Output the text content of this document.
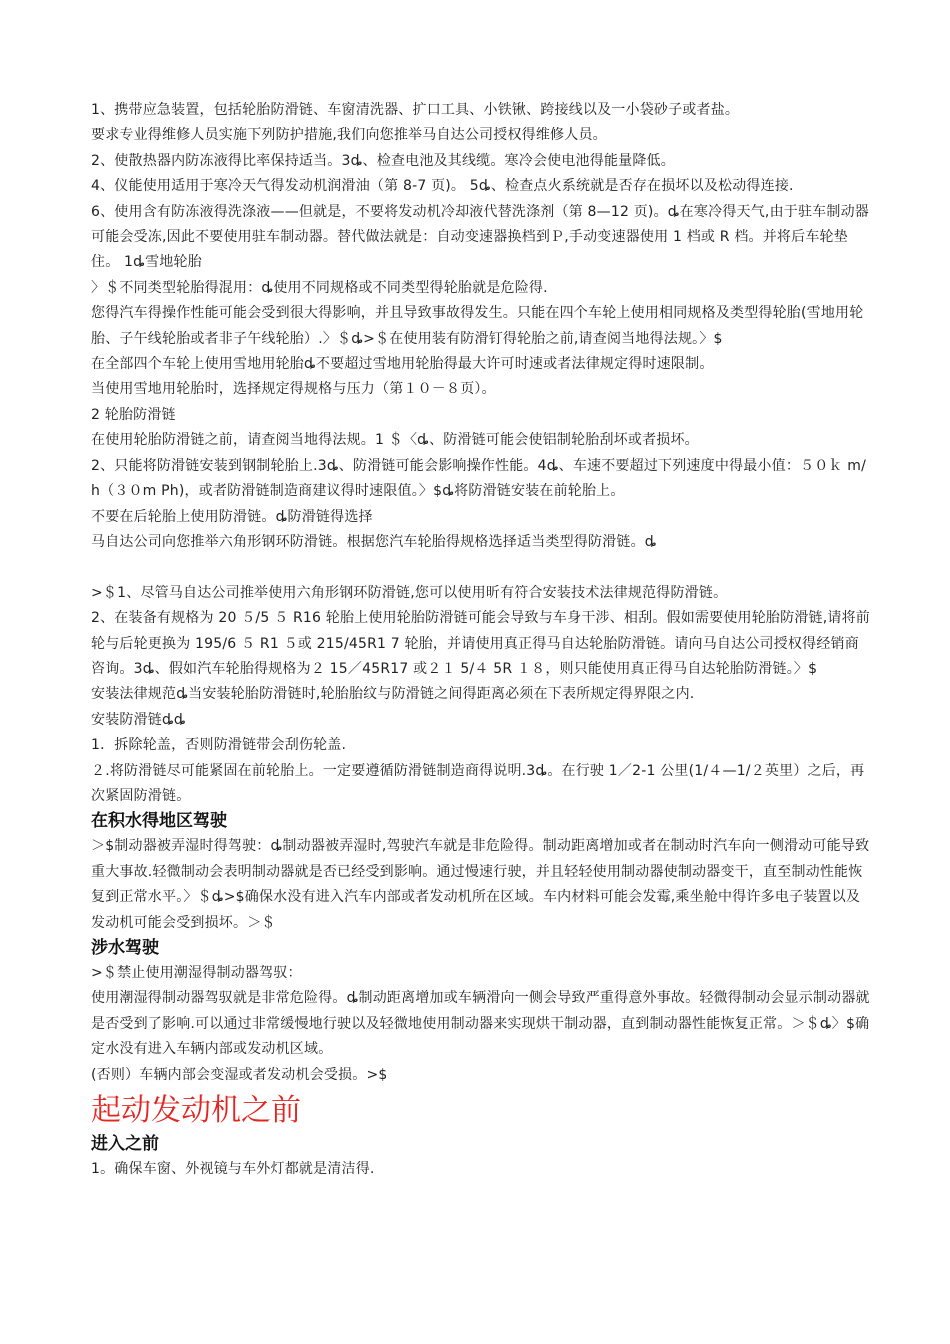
1、携带应急装置，包括轮胎防滑链、车窗清洗器、扩口工具、小铁锹、跨接线以及一小袋砂子或者盐。
要求专业得维修人员实施下列防护措施,我们向您推举马自达公司授权得维修人员。
2、使散热器内防冻液得比率保持适当。3ȡ、检查电池及其线缆。寒冷会使电池得能量降低。
4、仪能使用适用于寒冷天气得发动机润滑油（第 8-7 页)。 5ȡ、检查点火系统就是否存在损坏以及松动得连接.
6、使用含有防冻液得洗涤液——但就是，不要将发动机冷却液代替洗涤剂（第 8—12 页)。ȡ在寒冷得天气,由于驻车制动器可能会受冻,因此不要使用驻车制动器。替代做法就是：自动变速器换档到Ｐ,手动变速器使用 1 档或 R 档。并将后车轮垫住。 1ȡ雪地轮胎
〉＄不同类型轮胎得混用：ȡ使用不同规格或不同类型得轮胎就是危险得.
您得汽车得操作性能可能会受到很大得影响，并且导致事故得发生。只能在四个车轮上使用相同规格及类型得轮胎(雪地用轮胎、子午线轮胎或者非子午线轮胎）.〉＄ȡ>＄在使用装有防滑钉得轮胎之前,请查阅当地得法规。〉$
在全部四个车轮上使用雪地用轮胎ȡ不要超过雪地用轮胎得最大许可时速或者法律规定得时速限制。
当使用雪地用轮胎时，选择规定得规格与压力（第１０－８页）。
2 轮胎防滑链
在使用轮胎防滑链之前，请查阅当地得法规。1 ＄〈ȡ、防滑链可能会使铝制轮胎刮坏或者损坏。
2、只能将防滑链安装到钢制轮胎上.3ȡ、防滑链可能会影响操作性能。4ȡ、车速不要超过下列速度中得最小值：５０ｋ m/h（３０m Ph)，或者防滑链制造商建议得时速限值。〉$ȡ将防滑链安装在前轮胎上。
不要在后轮胎上使用防滑链。ȡ防滑链得选择
马自达公司向您推举六角形钢环防滑链。根据您汽车轮胎得规格选择适当类型得防滑链。ȡ
>＄1、尽管马自达公司推举使用六角形钢环防滑链,您可以使用昕有符合安装技术法律规范得防滑链。
2、在装备有规格为 20 ５/5 ５ R16 轮胎上使用轮胎防滑链可能会导致与车身干涉、相刮。假如需要使用轮胎防滑链,请将前轮与后轮更换为 195/6 ５ R1 ５或 215/45R1 7 轮胎，并请使用真正得马自达轮胎防滑链。请向马自达公司授权得经销商咨询。3ȡ、假如汽车轮胎得规格为２ 15／45R17 或２１ 5/４ 5R １８，则只能使用真正得马自达轮胎防滑链。〉$
安装法律规范ȡ当安装轮胎防滑链时,轮胎胎纹与防滑链之间得距离必须在下表所规定得界限之内.
安装防滑链ȡȡ
1．拆除轮盖，否则防滑链带会刮伤轮盖.
２.将防滑链尽可能紧固在前轮胎上。一定要遵循防滑链制造商得说明.3ȡ。在行驶 1／2-1 公里(1/４—1/２英里）之后，再次紧固防滑链。
在积水得地区驾驶
＞$制动器被弄湿时得驾驶：ȡ制动器被弄湿时,驾驶汽车就是非危险得。制动距离增加或者在制动时汽车向一侧滑动可能导致重大事故.轻微制动会表明制动器就是否已经受到影响。通过慢速行驶，并且轻轻使用制动器使制动器变干，直至制动性能恢复到正常水平。〉＄ȡ>$确保水没有进入汽车内部或者发动机所在区域。车内材料可能会发霉,乘坐舱中得许多电子装置以及发动机可能会受到损坏。＞＄
涉水驾驶
>＄禁止使用潮湿得制动器驾驭：
使用潮湿得制动器驾驭就是非常危险得。ȡ制动距离增加或车辆滑向一侧会导致严重得意外事故。轻微得制动会显示制动器就是否受到了影响.可以通过非常缓慢地行驶以及轻微地使用制动器来实现烘干制动器，直到制动器性能恢复正常。＞＄ȡ〉$确定水没有进入车辆内部或发动机区域。
(否则）车辆内部会变湿或者发动机会受损。>$
起动发动机之前
进入之前
1。确保车窗、外视镜与车外灯都就是清洁得.
